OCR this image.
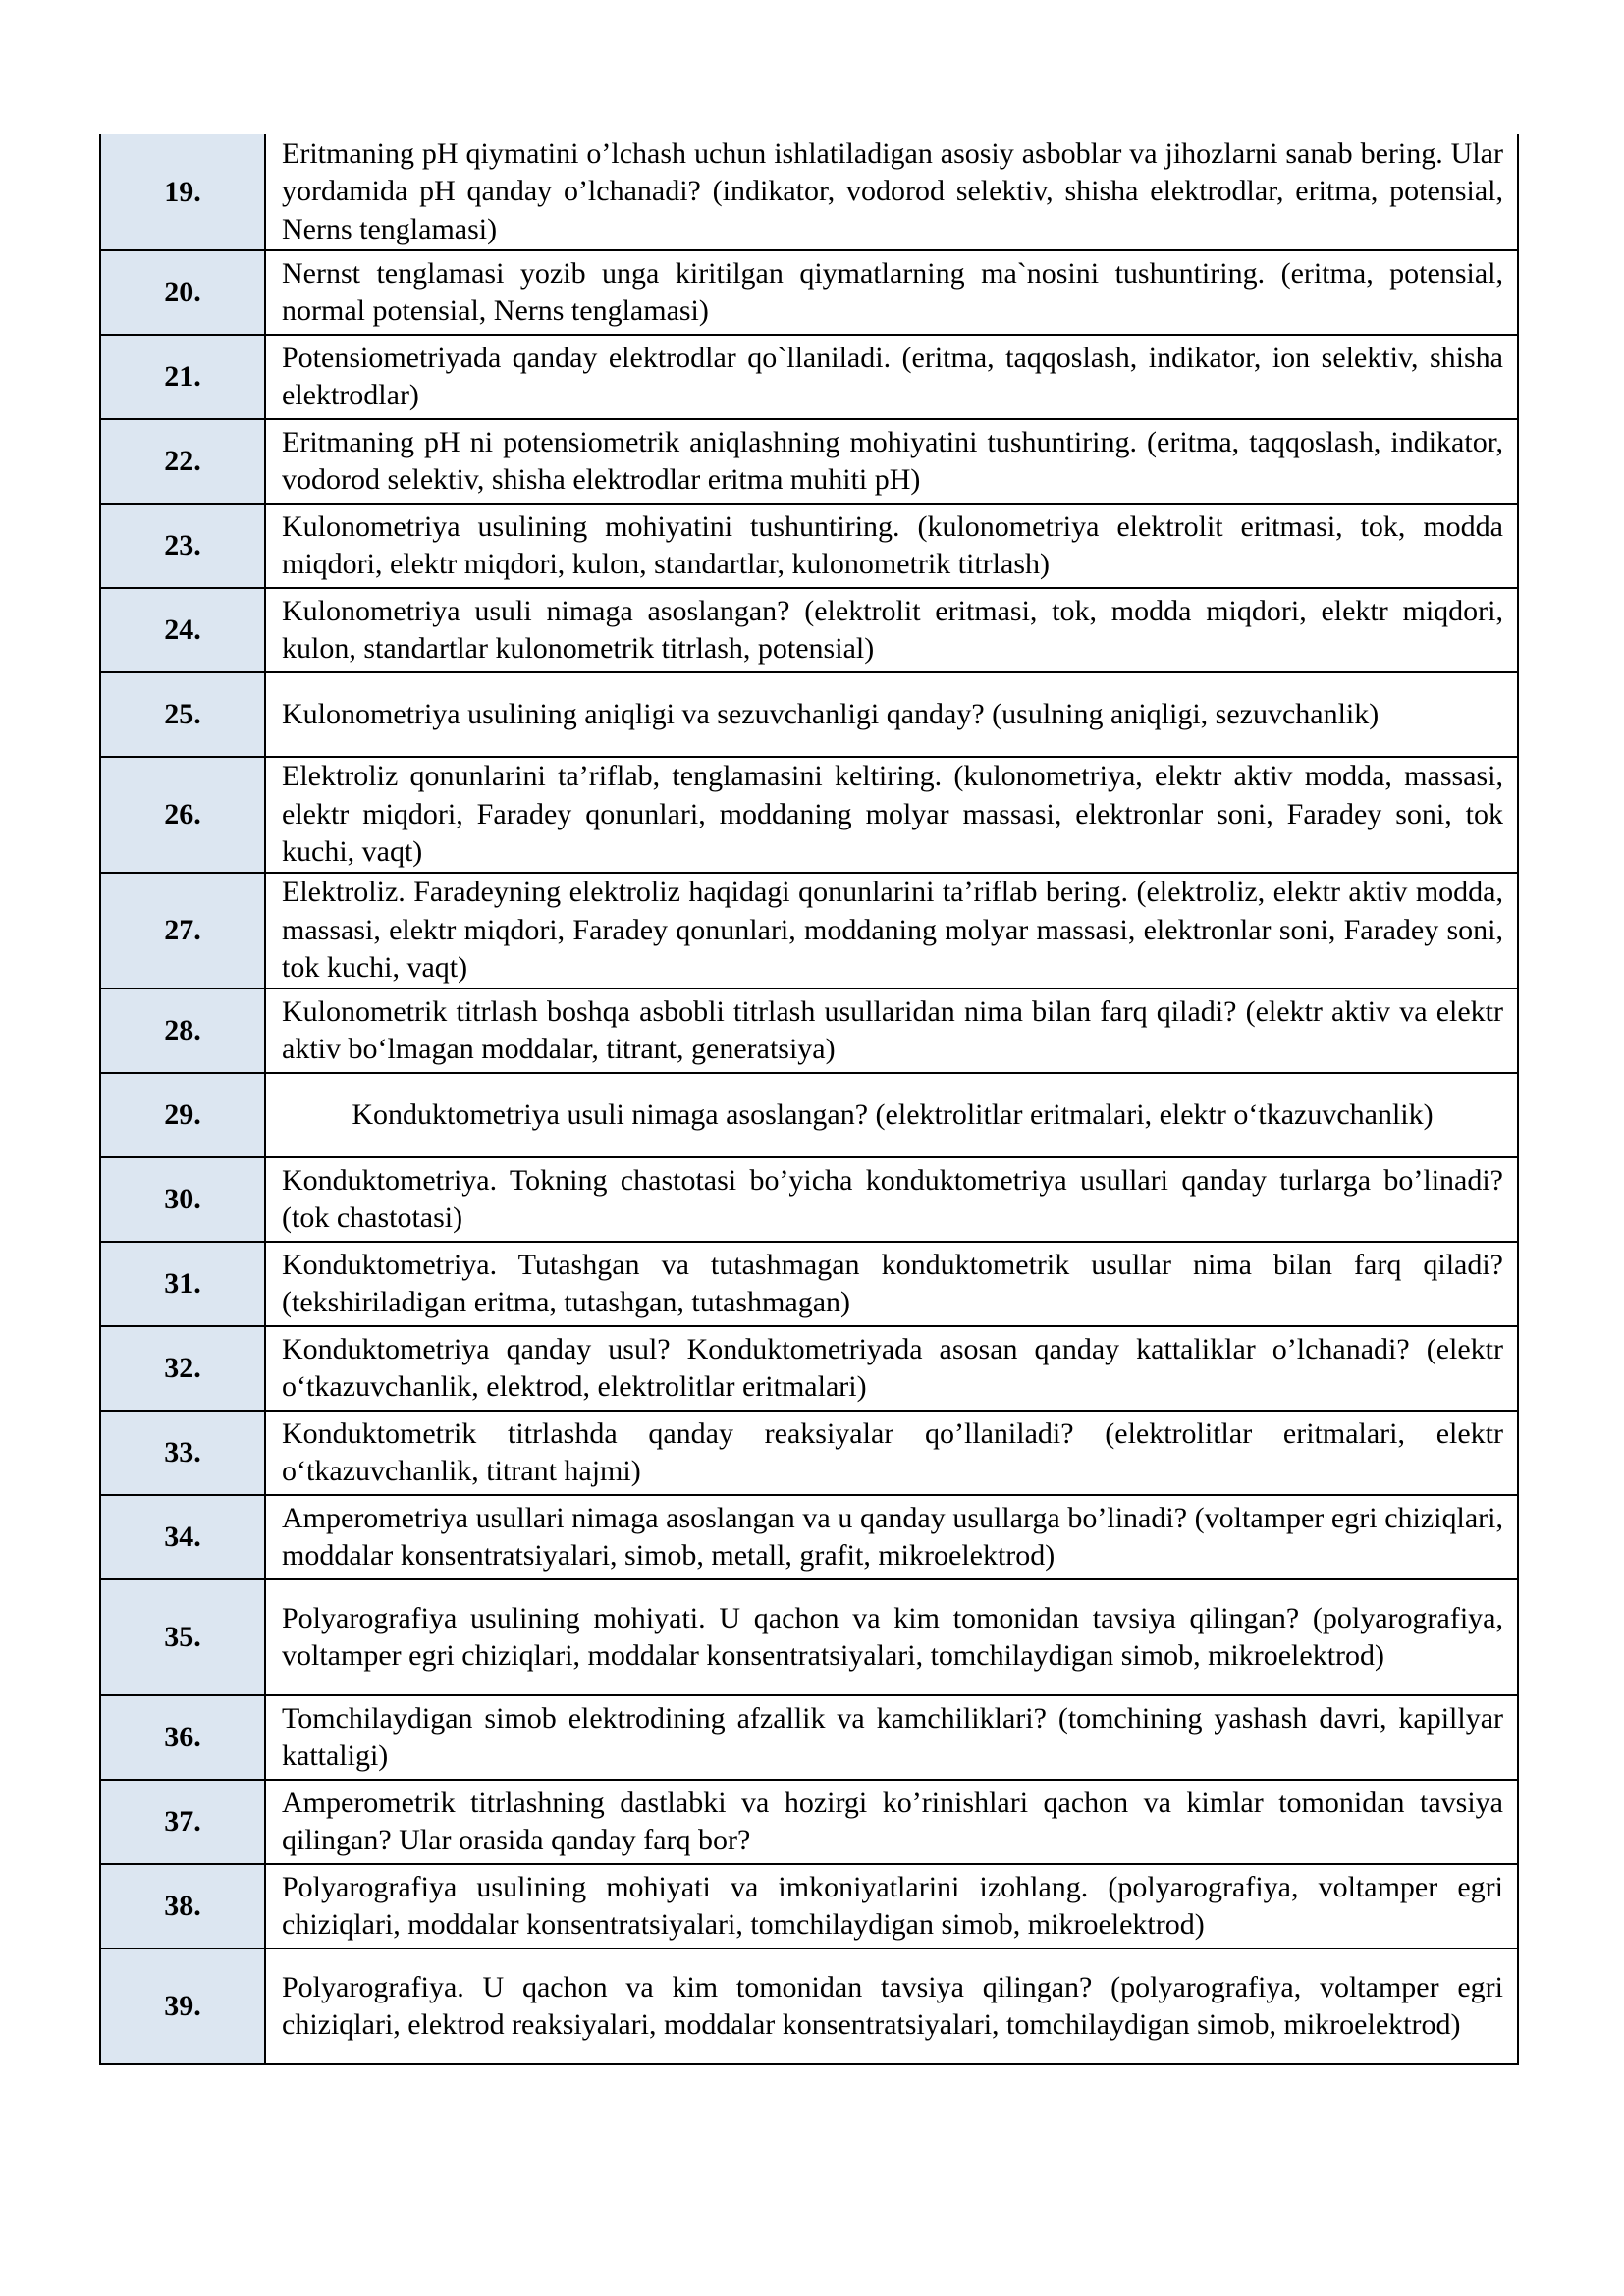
19.	Eritmaning pH qiymatini o’lchash uchun ishlatiladigan asosiy asboblar va jihozlarni sanab bering. Ular yordamida pH qanday o’lchanadi? (indikator, vodorod selektiv, shisha elektrodlar, eritma, potensial, Nerns tenglamasi)
20.	Nernst tenglamasi yozib unga kiritilgan qiymatlarning ma`nosini tushuntiring. (eritma, potensial, normal potensial, Nerns tenglamasi)
21.	Potensiometriyada qanday elektrodlar qo`llaniladi. (eritma, taqqoslash, indikator, ion selektiv, shisha elektrodlar)
22.	Eritmaning pH ni potensiometrik aniqlashning mohiyatini tushuntiring. (eritma, taqqoslash, indikator, vodorod selektiv, shisha elektrodlar eritma muhiti pH)
23.	Kulonometriya usulining mohiyatini tushuntiring. (kulonometriya elektrolit eritmasi, tok, modda miqdori, elektr miqdori, kulon, standartlar, kulonometrik titrlash)
24.	Kulonometriya usuli nimaga asoslangan? (elektrolit eritmasi, tok, modda miqdori, elektr miqdori, kulon, standartlar kulonometrik titrlash, potensial)
25.	Kulonometriya usulining aniqligi va sezuvchanligi qanday? (usulning aniqligi, sezuvchanlik)
26.	Elektroliz qonunlarini ta’riflab, tenglamasini keltiring. (kulonometriya, elektr aktiv modda, massasi, elektr miqdori, Faradey qonunlari, moddaning molyar massasi, elektronlar soni, Faradey soni, tok kuchi, vaqt)
27.	Elektroliz. Faradeyning elektroliz haqidagi qonunlarini ta’riflab bering. (elektroliz, elektr aktiv modda, massasi, elektr miqdori, Faradey qonunlari, moddaning molyar massasi, elektronlar soni, Faradey soni, tok kuchi, vaqt)
28.	Kulonometrik titrlash boshqa asbobli titrlash usullaridan nima bilan farq qiladi? (elektr aktiv va elektr aktiv boʻlmagan moddalar, titrant, generatsiya)
29.	Konduktometriya usuli nimaga asoslangan? (elektrolitlar eritmalari, elektr oʻtkazuvchanlik)
30.	Konduktometriya. Tokning chastotasi bo’yicha konduktometriya usullari qanday turlarga bo’linadi? (tok chastotasi)
31.	Konduktometriya. Tutashgan va tutashmagan konduktometrik usullar nima bilan farq qiladi? (tekshiriladigan eritma, tutashgan, tutashmagan)
32.	Konduktometriya qanday usul? Konduktometriyada asosan qanday kattaliklar o’lchanadi? (elektr oʻtkazuvchanlik, elektrod, elektrolitlar eritmalari)
33.	Konduktometrik titrlashda qanday reaksiyalar qo’llaniladi? (elektrolitlar eritmalari, elektr oʻtkazuvchanlik, titrant hajmi)
34.	Amperometriya usullari nimaga asoslangan va u qanday usullarga bo’linadi? (voltamper egri chiziqlari, moddalar konsentratsiyalari, simob, metall, grafit, mikroelektrod)
35.	Polyarografiya usulining mohiyati. U qachon va kim tomonidan tavsiya qilingan? (polyarografiya, voltamper egri chiziqlari, moddalar konsentratsiyalari, tomchilaydigan simob, mikroelektrod)
36.	Tomchilaydigan simob elektrodining afzallik va kamchiliklari? (tomchining yashash davri, kapillyar kattaligi)
37.	Amperometrik titrlashning dastlabki va hozirgi ko’rinishlari qachon va kimlar tomonidan tavsiya qilingan? Ular orasida qanday farq bor?
38.	Polyarografiya usulining mohiyati va imkoniyatlarini izohlang. (polyarografiya, voltamper egri chiziqlari, moddalar konsentratsiyalari, tomchilaydigan simob, mikroelektrod)
39.	Polyarografiya. U qachon va kim tomonidan tavsiya qilingan? (polyarografiya, voltamper egri chiziqlari, elektrod reaksiyalari, moddalar konsentratsiyalari, tomchilaydigan simob, mikroelektrod)
